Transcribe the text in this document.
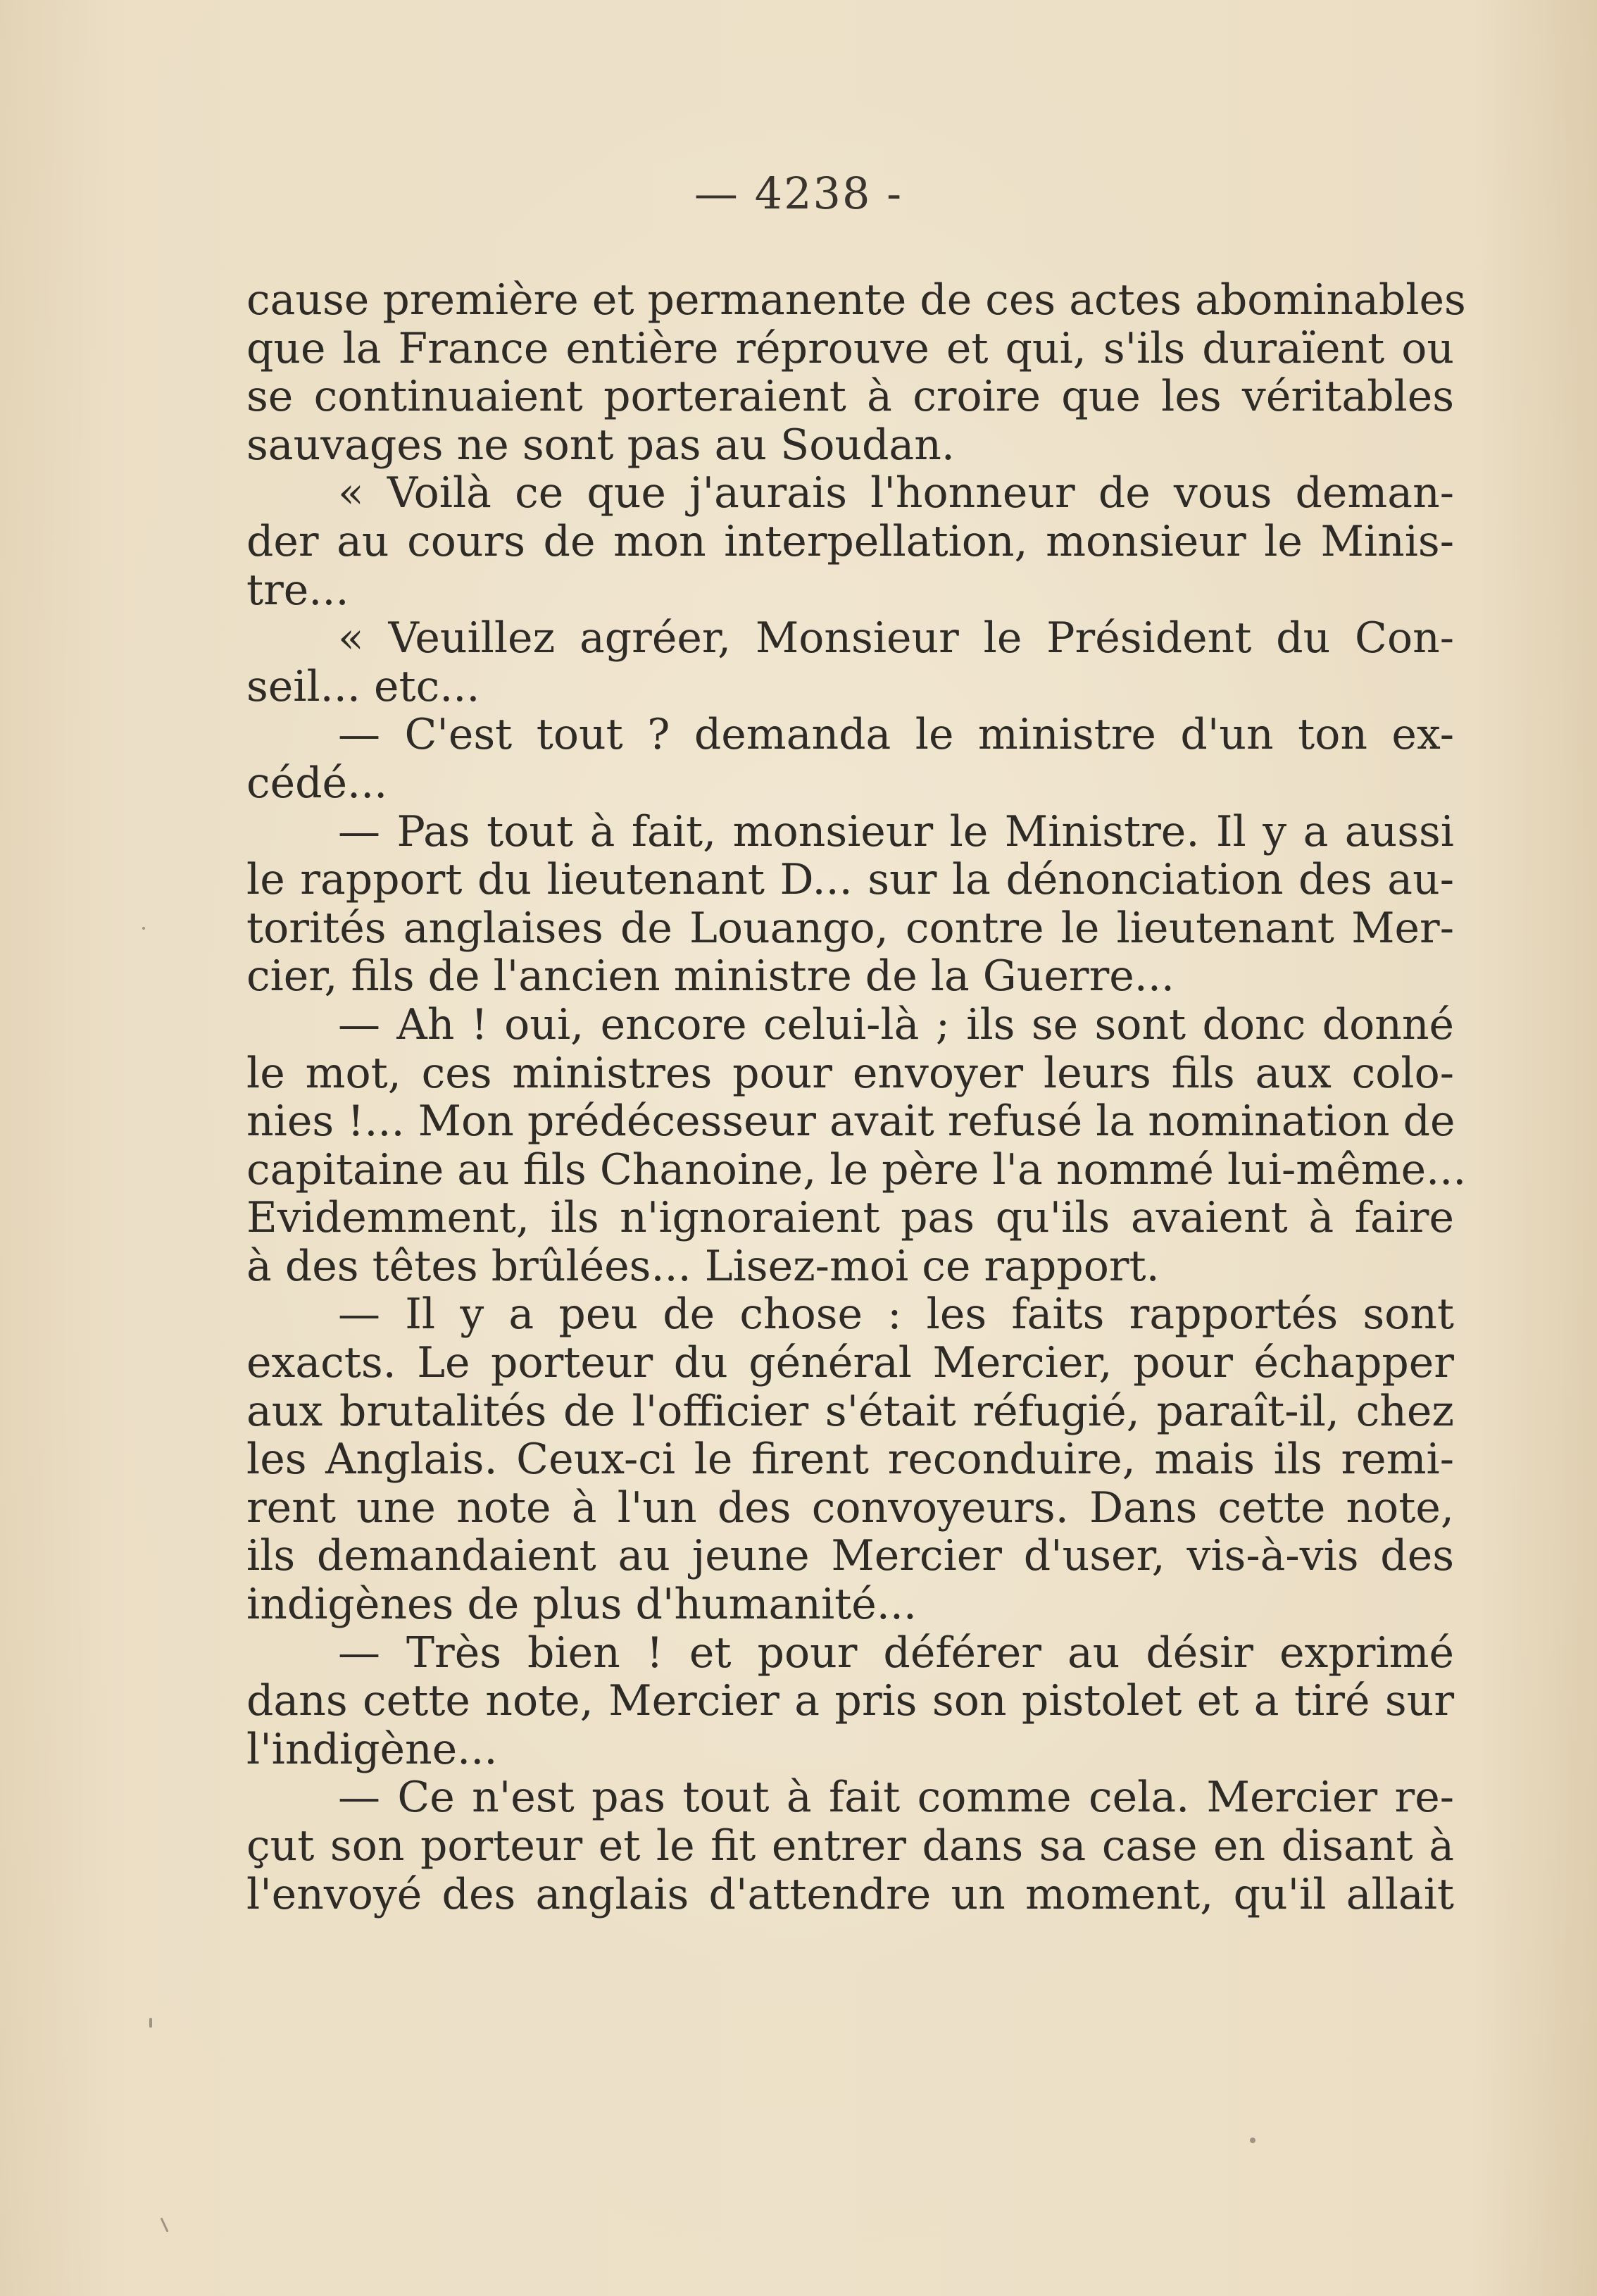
— 4238 -
cause première et permanente de ces actes abominables
que la France entière réprouve et qui, s'ils duraïent ou
se continuaient porteraient à croire que les véritables
sauvages ne sont pas au Soudan.
« Voilà ce que j'aurais l'honneur de vous deman-
der au cours de mon interpellation, monsieur le Minis-
tre...
« Veuillez agréer, Monsieur le Président du Con-
seil... etc...
— C'est tout ? demanda le ministre d'un ton ex-
cédé...
— Pas tout à fait, monsieur le Ministre. Il y a aussi
le rapport du lieutenant D... sur la dénonciation des au-
torités anglaises de Louango, contre le lieutenant Mer-
cier, fils de l'ancien ministre de la Guerre...
— Ah ! oui, encore celui-là ; ils se sont donc donné
le mot, ces ministres pour envoyer leurs fils aux colo-
nies !... Mon prédécesseur avait refusé la nomination de
capitaine au fils Chanoine, le père l'a nommé lui-même...
Evidemment, ils n'ignoraient pas qu'ils avaient à faire
à des têtes brûlées... Lisez-moi ce rapport.
— Il y a peu de chose : les faits rapportés sont
exacts. Le porteur du général Mercier, pour échapper
aux brutalités de l'officier s'était réfugié, paraît-il, chez
les Anglais. Ceux-ci le firent reconduire, mais ils remi-
rent une note à l'un des convoyeurs. Dans cette note,
ils demandaient au jeune Mercier d'user, vis-à-vis des
indigènes de plus d'humanité...
— Très bien ! et pour déférer au désir exprimé
dans cette note, Mercier a pris son pistolet et a tiré sur
l'indigène...
— Ce n'est pas tout à fait comme cela. Mercier re-
çut son porteur et le fit entrer dans sa case en disant à
l'envoyé des anglais d'attendre un moment, qu'il allait
